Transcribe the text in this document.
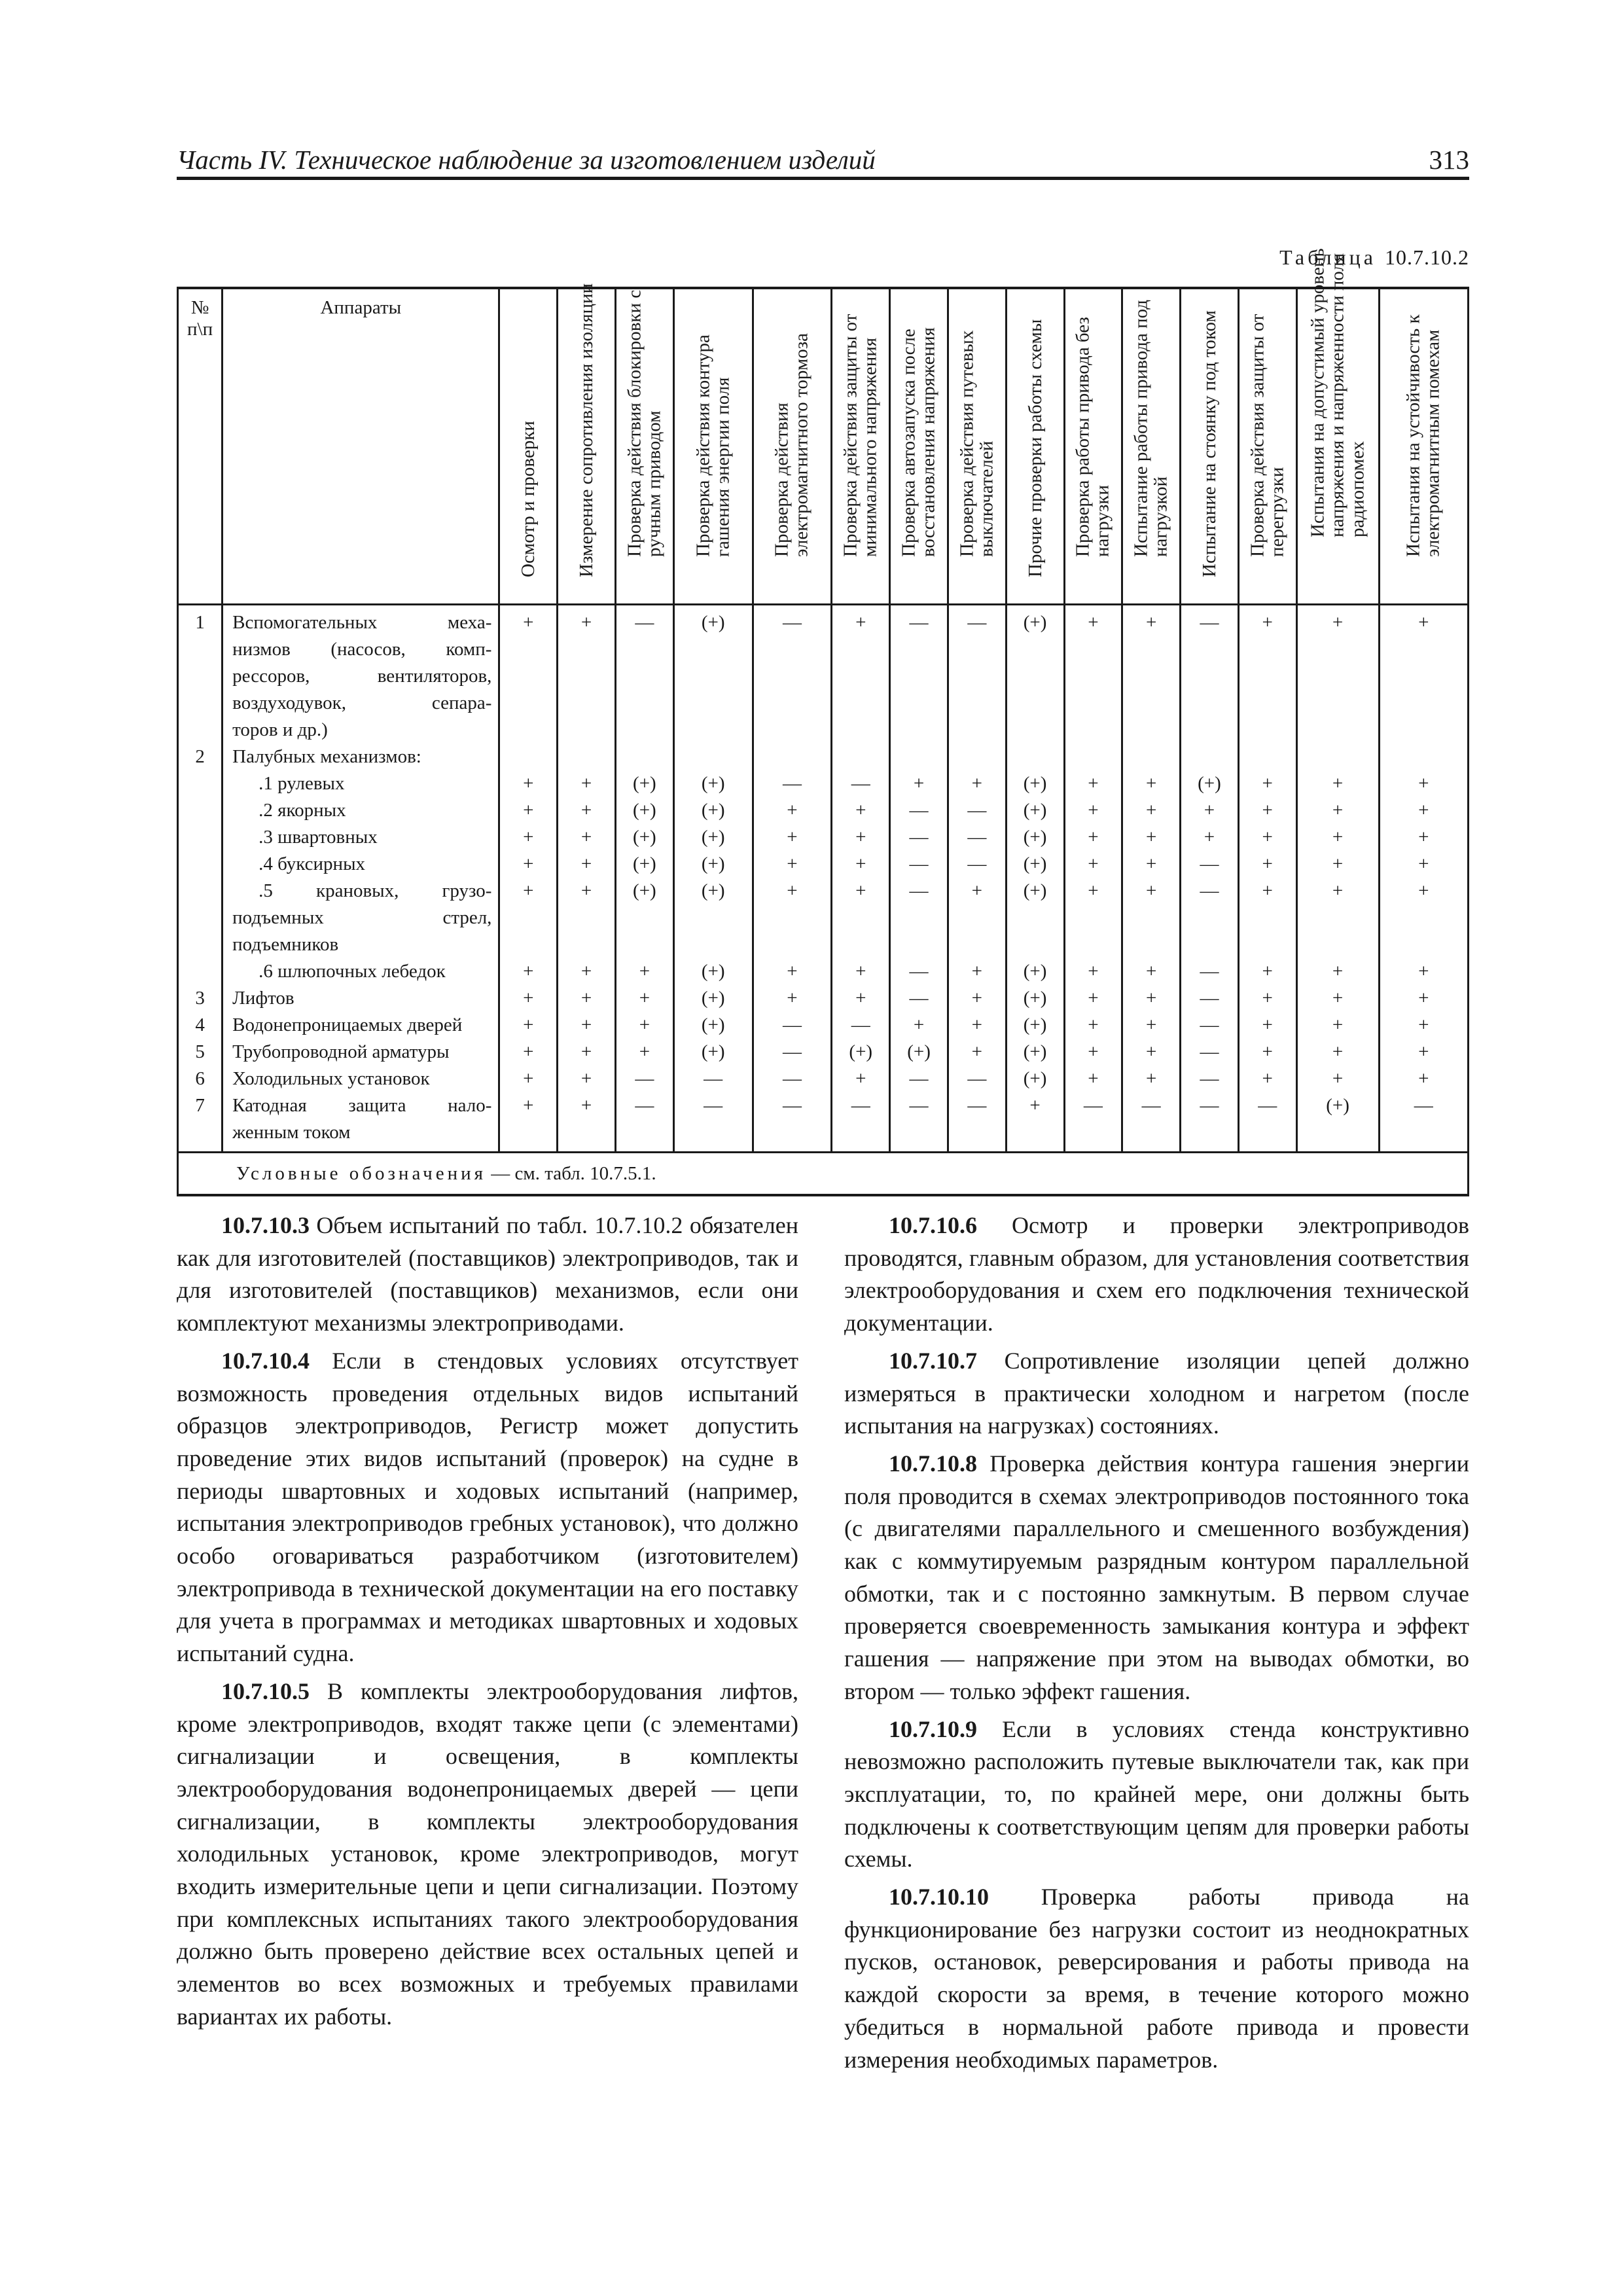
Часть IV. Техническое наблюдение за изготовлением изделий	313
Таблица 10.7.10.2
№ п\п	Аппараты	Осмотр и проверки	Измерение сопротивления изоляции	Проверка действия блокировки с ручным приводом	Проверка действия контура гашения энергии поля	Проверка действия электромагнитного тормоза	Проверка действия защиты от минимального напряжения	Проверка автозапуска после восстановления напряжения	Проверка действия путевых выключателей	Прочие проверки работы схемы	Проверка работы привода без нагрузки	Испытание работы привода под нагрузкой	Испытание на стоянку под током	Проверка действия защиты от перегрузки	Испытания на допустимый уровень напряжения и напряженности поля радиопомех	Испытания на устойчивость к электромагнитным помехам

1	Вспомогательных меха-
низмов (насосов, комп-
рессоров, вентиляторов,
воздуходувок, сепара-
торов и др.)	+	+	—	(+)	—	+	—	—	(+)	+	+	—	+	+	+
2	Палубных механизмов:															

	.1 рулевых	+	+	(+)	(+)	—	—	+	+	(+)	+	+	(+)	+	+	+

	.2 якорных	+	+	(+)	(+)	+	+	—	—	(+)	+	+	+	+	+	+

	.3 швартовных	+	+	(+)	(+)	+	+	—	—	(+)	+	+	+	+	+	+

	.4 буксирных	+	+	(+)	(+)	+	+	—	—	(+)	+	+	—	+	+	+

	.5 крановых, грузо-
подъемных стрел,
подъемников	+	+	(+)	(+)	+	+	—	+	(+)	+	+	—	+	+	+

	.6 шлюпочных лебедок	+	+	+	(+)	+	+	—	+	(+)	+	+	—	+	+	+
3	Лифтов	+	+	+	(+)	+	+	—	+	(+)	+	+	—	+	+	+
4	Водонепроницаемых дверей	+	+	+	(+)	—	—	+	+	(+)	+	+	—	+	+	+
5	Трубопроводной арматуры	+	+	+	(+)	—	(+)	(+)	+	(+)	+	+	—	+	+	+
6	Холодильных установок	+	+	—	—	—	+	—	—	(+)	+	+	—	+	+	+
7	Катодная защита нало-
женным током	+	+	—	—	—	—	—	—	+	—	—	—	—	(+)	—
Условные обозначения — см. табл. 10.7.5.1.																

10.7.10.3 Объем испытаний по табл. 10.7.10.2 обязателен как для изготовителей (поставщиков) электроприводов, так и для изготовителей (поставщиков) механизмов, если они комплектуют механизмы электроприводами.

10.7.10.4 Если в стендовых условиях отсутствует возможность проведения отдельных видов испытаний образцов электроприводов, Регистр может допустить проведение этих видов испытаний (проверок) на судне в периоды швартовных и ходовых испытаний (например, испытания электроприводов гребных установок), что должно особо оговариваться разработчиком (изготовителем) электропривода в технической документации на его поставку для учета в программах и методиках швартовных и ходовых испытаний судна.

10.7.10.5 В комплекты электрооборудования лифтов, кроме электроприводов, входят также цепи (с элементами) сигнализации и освещения, в комплекты электрооборудования водонепроницаемых дверей — цепи сигнализации, в комплекты электрооборудования холодильных установок, кроме электроприводов, могут входить измерительные цепи и цепи сигнализации. Поэтому при комплексных испытаниях такого электрооборудования должно быть проверено действие всех остальных цепей и элементов во всех возможных и требуемых правилами вариантах их работы.

10.7.10.6 Осмотр и проверки электроприводов проводятся, главным образом, для установления соответствия электрооборудования и схем его подключения технической документации.

10.7.10.7 Сопротивление изоляции цепей должно измеряться в практически холодном и нагретом (после испытания на нагрузках) состояниях.

10.7.10.8 Проверка действия контура гашения энергии поля проводится в схемах электроприводов постоянного тока (с двигателями параллельного и смешенного возбуждения) как с коммутируемым разрядным контуром параллельной обмотки, так и с постоянно замкнутым. В первом случае проверяется своевременность замыкания контура и эффект гашения — напряжение при этом на выводах обмотки, во втором — только эффект гашения.

10.7.10.9 Если в условиях стенда конструктивно невозможно расположить путевые выключатели так, как при эксплуатации, то, по крайней мере, они должны быть подключены к соответствующим цепям для проверки работы схемы.

10.7.10.10 Проверка работы привода на функционирование без нагрузки состоит из неоднократных пусков, остановок, реверсирования и работы привода на каждой скорости за время, в течение которого можно убедиться в нормальной работе привода и провести измерения необходимых параметров.
